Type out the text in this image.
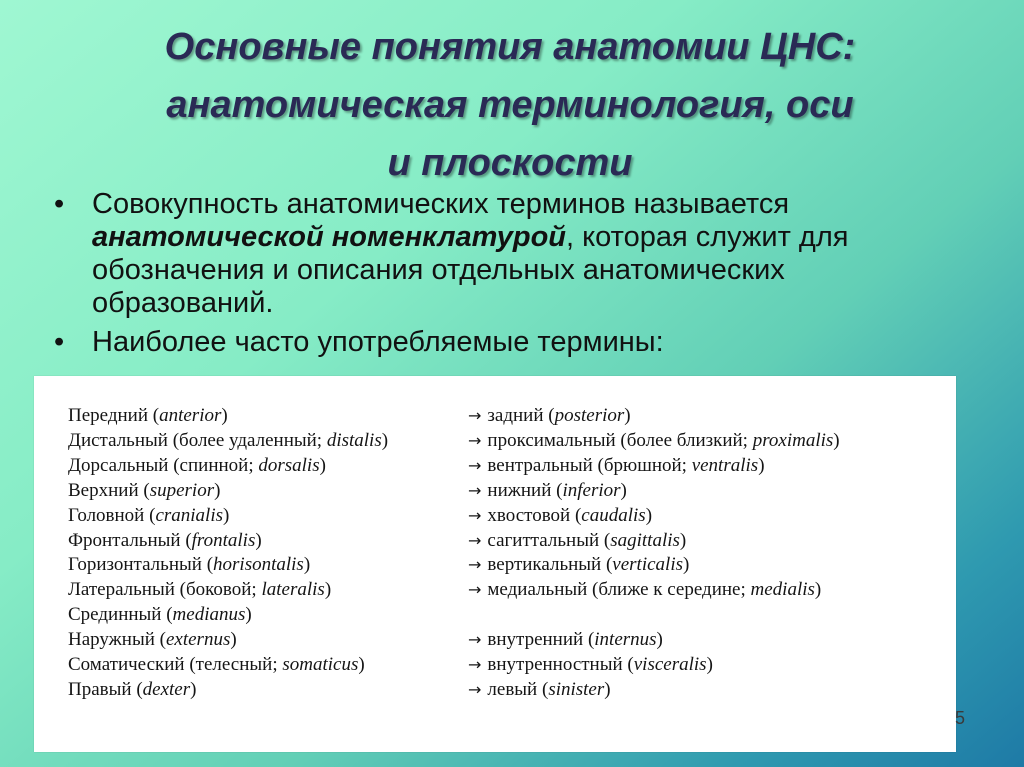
Основные понятия анатомии ЦНС:
анатомическая терминология, оси
и плоскости
• Совокупность анатомических терминов называется анатомической номенклатурой, которая служит для обозначения и описания отдельных анатомических образований.
• Наиболее часто употребляемые термины:
Передний (anterior)	→ задний (posterior)
Дистальный (более удаленный; distalis)	→ проксимальный (более близкий; proximalis)
Дорсальный (спинной; dorsalis)	→ вентральный (брюшной; ventralis)
Верхний (superior)	→ нижний (inferior)
Головной (cranialis)	→ хвостовой (caudalis)
Фронтальный (frontalis)	→ сагиттальный (sagittalis)
Горизонтальный (horisontalis)	→ вертикальный (verticalis)
Латеральный (боковой; lateralis)	→ медиальный (ближе к середине; medialis)
Срединный (medianus)	
Наружный (externus)	→ внутренний (internus)
Соматический (телесный; somaticus)	→ внутренностный (visceralis)
Правый (dexter)	→ левый (sinister)
5
